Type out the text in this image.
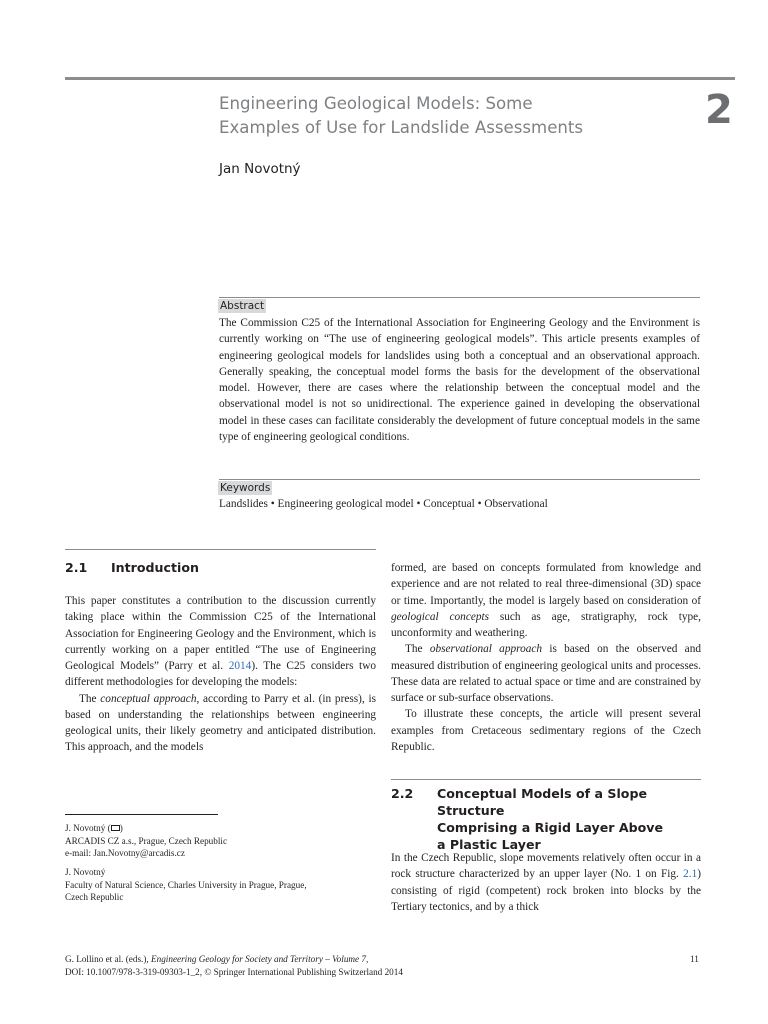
Engineering Geological Models: Some
Examples of Use for Landslide Assessments	2
Jan Novotný
Abstract
The Commission C25 of the International Association for Engineering Geology and the Environment is currently working on “The use of engineering geological models”. This article presents examples of engineering geological models for landslides using both a conceptual and an observational approach. Generally speaking, the conceptual model forms the basis for the development of the observational model. However, there are cases where the relationship between the conceptual model and the observational model is not so unidirectional. The experience gained in developing the observational model in these cases can facilitate considerably the development of future conceptual models in the same type of engineering geological conditions.
Keywords
Landslides • Engineering geological model • Conceptual • Observational
2.1 Introduction
This paper constitutes a contribution to the discussion currently taking place within the Commission C25 of the International Association for Engineering Geology and the Environment, which is currently working on a paper entitled “The use of Engineering Geological Models” (Parry et al. 2014). The C25 considers two different methodologies for developing the models:
The conceptual approach, according to Parry et al. (in press), is based on understanding the relationships between engineering geological units, their likely geometry and anticipated distribution. This approach, and the models
formed, are based on concepts formulated from knowledge and experience and are not related to real three-dimensional (3D) space or time. Importantly, the model is largely based on consideration of geological concepts such as age, stratigraphy, rock type, unconformity and weathering.
The observational approach is based on the observed and measured distribution of engineering geological units and processes. These data are related to actual space or time and are constrained by surface or sub-surface observations.
To illustrate these concepts, the article will present several examples from Cretaceous sedimentary regions of the Czech Republic.
2.2 Conceptual Models of a Slope Structure
Comprising a Rigid Layer Above
a Plastic Layer
In the Czech Republic, slope movements relatively often occur in a rock structure characterized by an upper layer (No. 1 on Fig. 2.1) consisting of rigid (competent) rock broken into blocks by the Tertiary tectonics, and by a thick
J. Novotný ( )
ARCADIS CZ a.s., Prague, Czech Republic
e-mail: Jan.Novotny@arcadis.cz
J. Novotný
Faculty of Natural Science, Charles University in Prague, Prague,
Czech Republic
G. Lollino et al. (eds.), Engineering Geology for Society and Territory – Volume 7,
DOI: 10.1007/978-3-319-09303-1_2, © Springer International Publishing Switzerland 2014
11
